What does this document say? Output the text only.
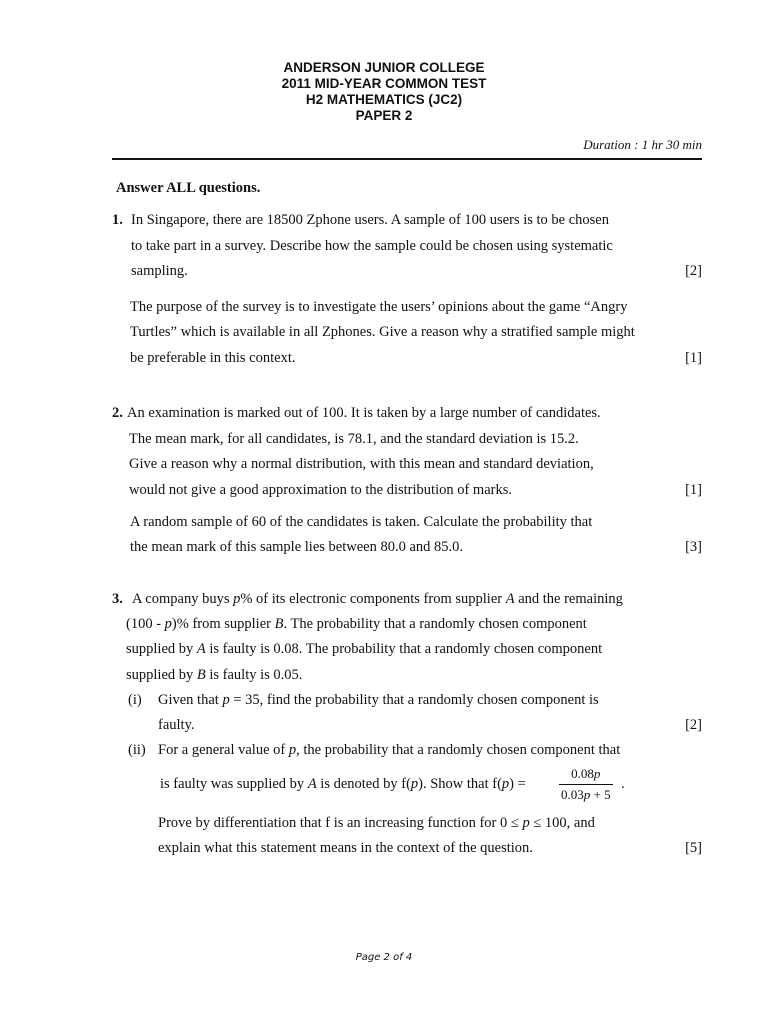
ANDERSON JUNIOR COLLEGE
2011 MID-YEAR COMMON TEST
H2 MATHEMATICS (JC2)
PAPER 2
Duration : 1 hr 30 min
Answer ALL questions.
1. In Singapore, there are 18500 Zphone users. A sample of 100 users is to be chosen
to take part in a survey. Describe how the sample could be chosen using systematic
sampling.	[2]
The purpose of the survey is to investigate the users’ opinions about the game “Angry
Turtles” which is available in all Zphones. Give a reason why a stratified sample might
be preferable in this context.	[1]
2. An examination is marked out of 100. It is taken by a large number of candidates.
The mean mark, for all candidates, is 78.1, and the standard deviation is 15.2.
Give a reason why a normal distribution, with this mean and standard deviation,
would not give a good approximation to the distribution of marks.	[1]
A random sample of 60 of the candidates is taken. Calculate the probability that
the mean mark of this sample lies between 80.0 and 85.0.	[3]
3. A company buys p% of its electronic components from supplier A and the remaining
(100 - p)% from supplier B. The probability that a randomly chosen component
supplied by A is faulty is 0.08. The probability that a randomly chosen component
supplied by B is faulty is 0.05.
(i) Given that p = 35, find the probability that a randomly chosen component is
faulty.	[2]
(ii) For a general value of p, the probability that a randomly chosen component that
is faulty was supplied by A is denoted by f(p). Show that f(p) =
0.08p
0.03p + 5
.
Prove by differentiation that f is an increasing function for 0 ≤ p ≤ 100, and
explain what this statement means in the context of the question.	[5]
Page 2 of 4
